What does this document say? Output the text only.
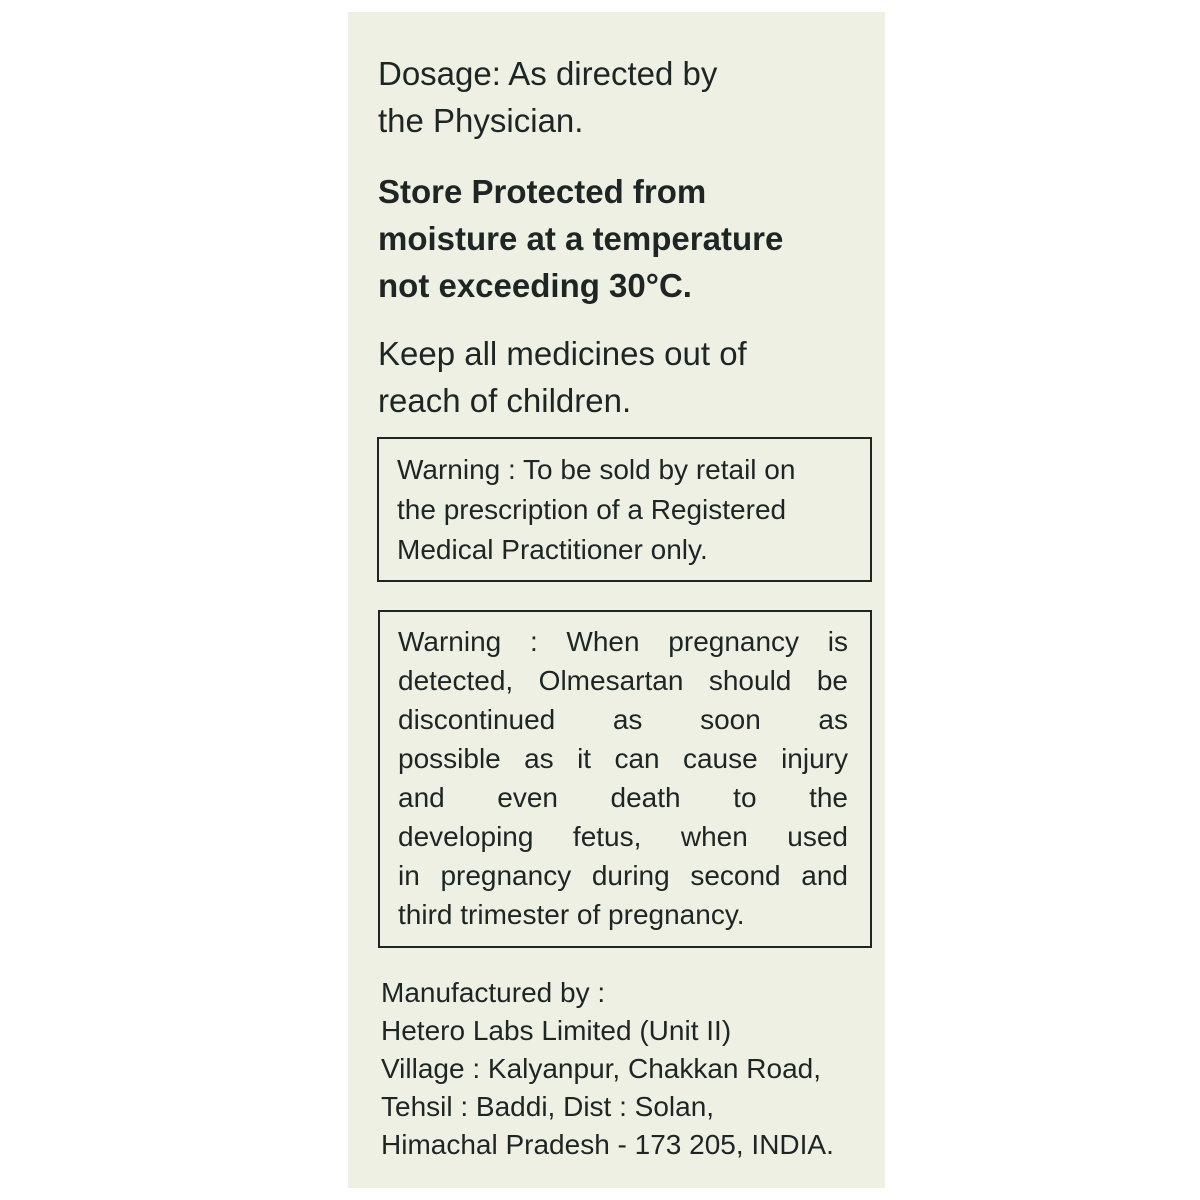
Dosage: As directed by
the Physician.

Store Protected from
moisture at a temperature
not exceeding 30°C.

Keep all medicines out of
reach of children.

Warning : To be sold by retail on
the prescription of a Registered
Medical Practitioner only.
Warning : When pregnancy is
detected, Olmesartan should be
discontinued as soon as
possible as it can cause injury
and even death to the
developing fetus, when used
in pregnancy during second and
third trimester of pregnancy.

Manufactured by :
Hetero Labs Limited (Unit II)
Village : Kalyanpur, Chakkan Road,
Tehsil : Baddi, Dist : Solan,
Himachal Pradesh - 173 205, INDIA.
